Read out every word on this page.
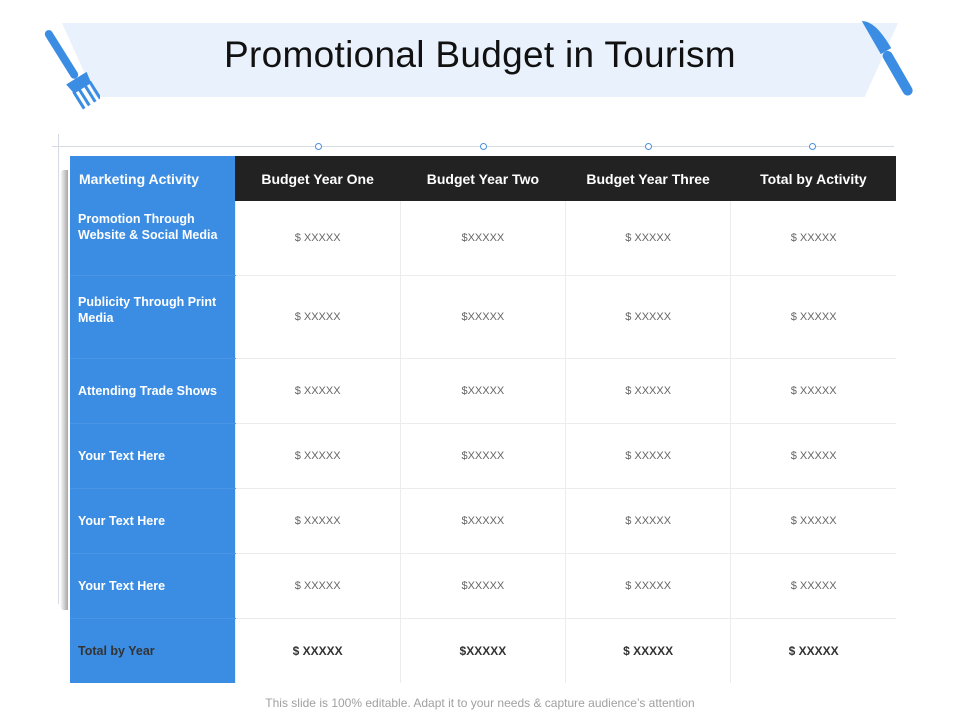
Promotional Budget in Tourism
Marketing Activity	Budget Year One	Budget Year Two	Budget Year Three	Total by Activity
Promotion Through Website & Social Media	$ XXXXX	$XXXXX	$ XXXXX	$ XXXXX
Publicity Through Print Media	$ XXXXX	$XXXXX	$ XXXXX	$ XXXXX
Attending Trade Shows	$ XXXXX	$XXXXX	$ XXXXX	$ XXXXX
Your Text Here	$ XXXXX	$XXXXX	$ XXXXX	$ XXXXX
Your Text Here	$ XXXXX	$XXXXX	$ XXXXX	$ XXXXX
Your Text Here	$ XXXXX	$XXXXX	$ XXXXX	$ XXXXX
Total by Year	$ XXXXX	$XXXXX	$ XXXXX	$ XXXXX
This slide is 100% editable. Adapt it to your needs & capture audience’s attention
